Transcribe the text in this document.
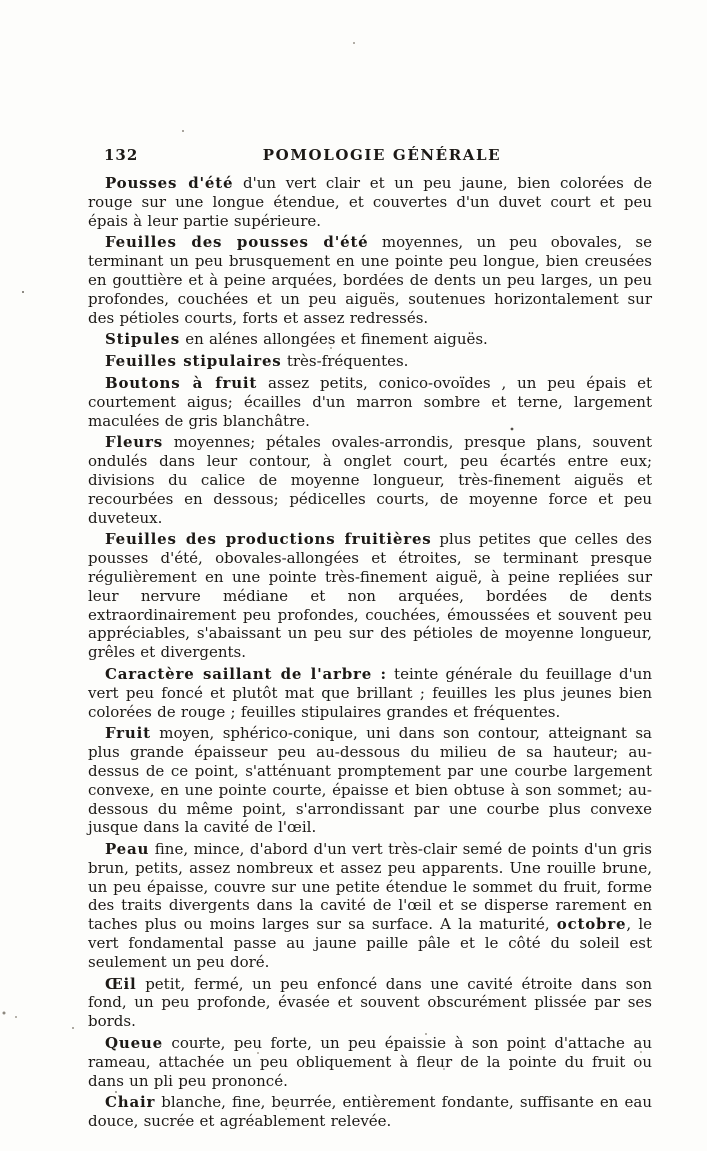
132	POMOLOGIE GÉNÉRALE

Pousses d'été d'un vert clair et un peu jaune, bien colorées de rouge sur une longue étendue, et couvertes d'un duvet court et peu épais à leur partie supérieure.

Feuilles des pousses d'été moyennes, un peu obovales, se terminant un peu brusquement en une pointe peu longue, bien creusées en gouttière et à peine arquées, bordées de dents un peu larges, un peu profondes, couchées et un peu aiguës, soutenues horizontalement sur des pétioles courts, forts et assez redressés.

Stipules en alénes allongées et finement aiguës.

Feuilles stipulaires très-fréquentes.

Boutons à fruit assez petits, conico-ovoïdes , un peu épais et courtement aigus; écailles d'un marron sombre et terne, largement maculées de gris blanchâtre.

Fleurs moyennes; pétales ovales-arrondis, presque plans, souvent ondulés dans leur contour, à onglet court, peu écartés entre eux; divisions du calice de moyenne longueur, très-finement aiguës et recourbées en dessous; pédicelles courts, de moyenne force et peu duveteux.

Feuilles des productions fruitières plus petites que celles des pousses d'été, obovales-allongées et étroites, se terminant presque régulièrement en une pointe très-finement aiguë, à peine repliées sur leur nervure médiane et non arquées, bordées de dents extraordinairement peu profondes, couchées, émoussées et souvent peu appréciables, s'abaissant un peu sur des pétioles de moyenne longueur, grêles et divergents.

Caractère saillant de l'arbre : teinte générale du feuillage d'un vert peu foncé et plutôt mat que brillant ; feuilles les plus jeunes bien colorées de rouge ; feuilles stipulaires grandes et fréquentes.

Fruit moyen, sphérico-conique, uni dans son contour, atteignant sa plus grande épaisseur peu au-dessous du milieu de sa hauteur; au-dessus de ce point, s'atténuant promptement par une courbe largement convexe, en une pointe courte, épaisse et bien obtuse à son sommet; au-dessous du même point, s'arrondissant par une courbe plus convexe jusque dans la cavité de l'œil.

Peau fine, mince, d'abord d'un vert très-clair semé de points d'un gris brun, petits, assez nombreux et assez peu apparents. Une rouille brune, un peu épaisse, couvre sur une petite étendue le sommet du fruit, forme des traits divergents dans la cavité de l'œil et se disperse rarement en taches plus ou moins larges sur sa surface. A la maturité, octobre, le vert fondamental passe au jaune paille pâle et le côté du soleil est seulement un peu doré.

Œil petit, fermé, un peu enfoncé dans une cavité étroite dans son fond, un peu profonde, évasée et souvent obscurément plissée par ses bords.

Queue courte, peu forte, un peu épaissie à son point d'attache au rameau, attachée un peu obliquement à fleur de la pointe du fruit ou dans un pli peu prononcé.

Chair blanche, fine, beurrée, entièrement fondante, suffisante en eau douce, sucrée et agréablement relevée.
